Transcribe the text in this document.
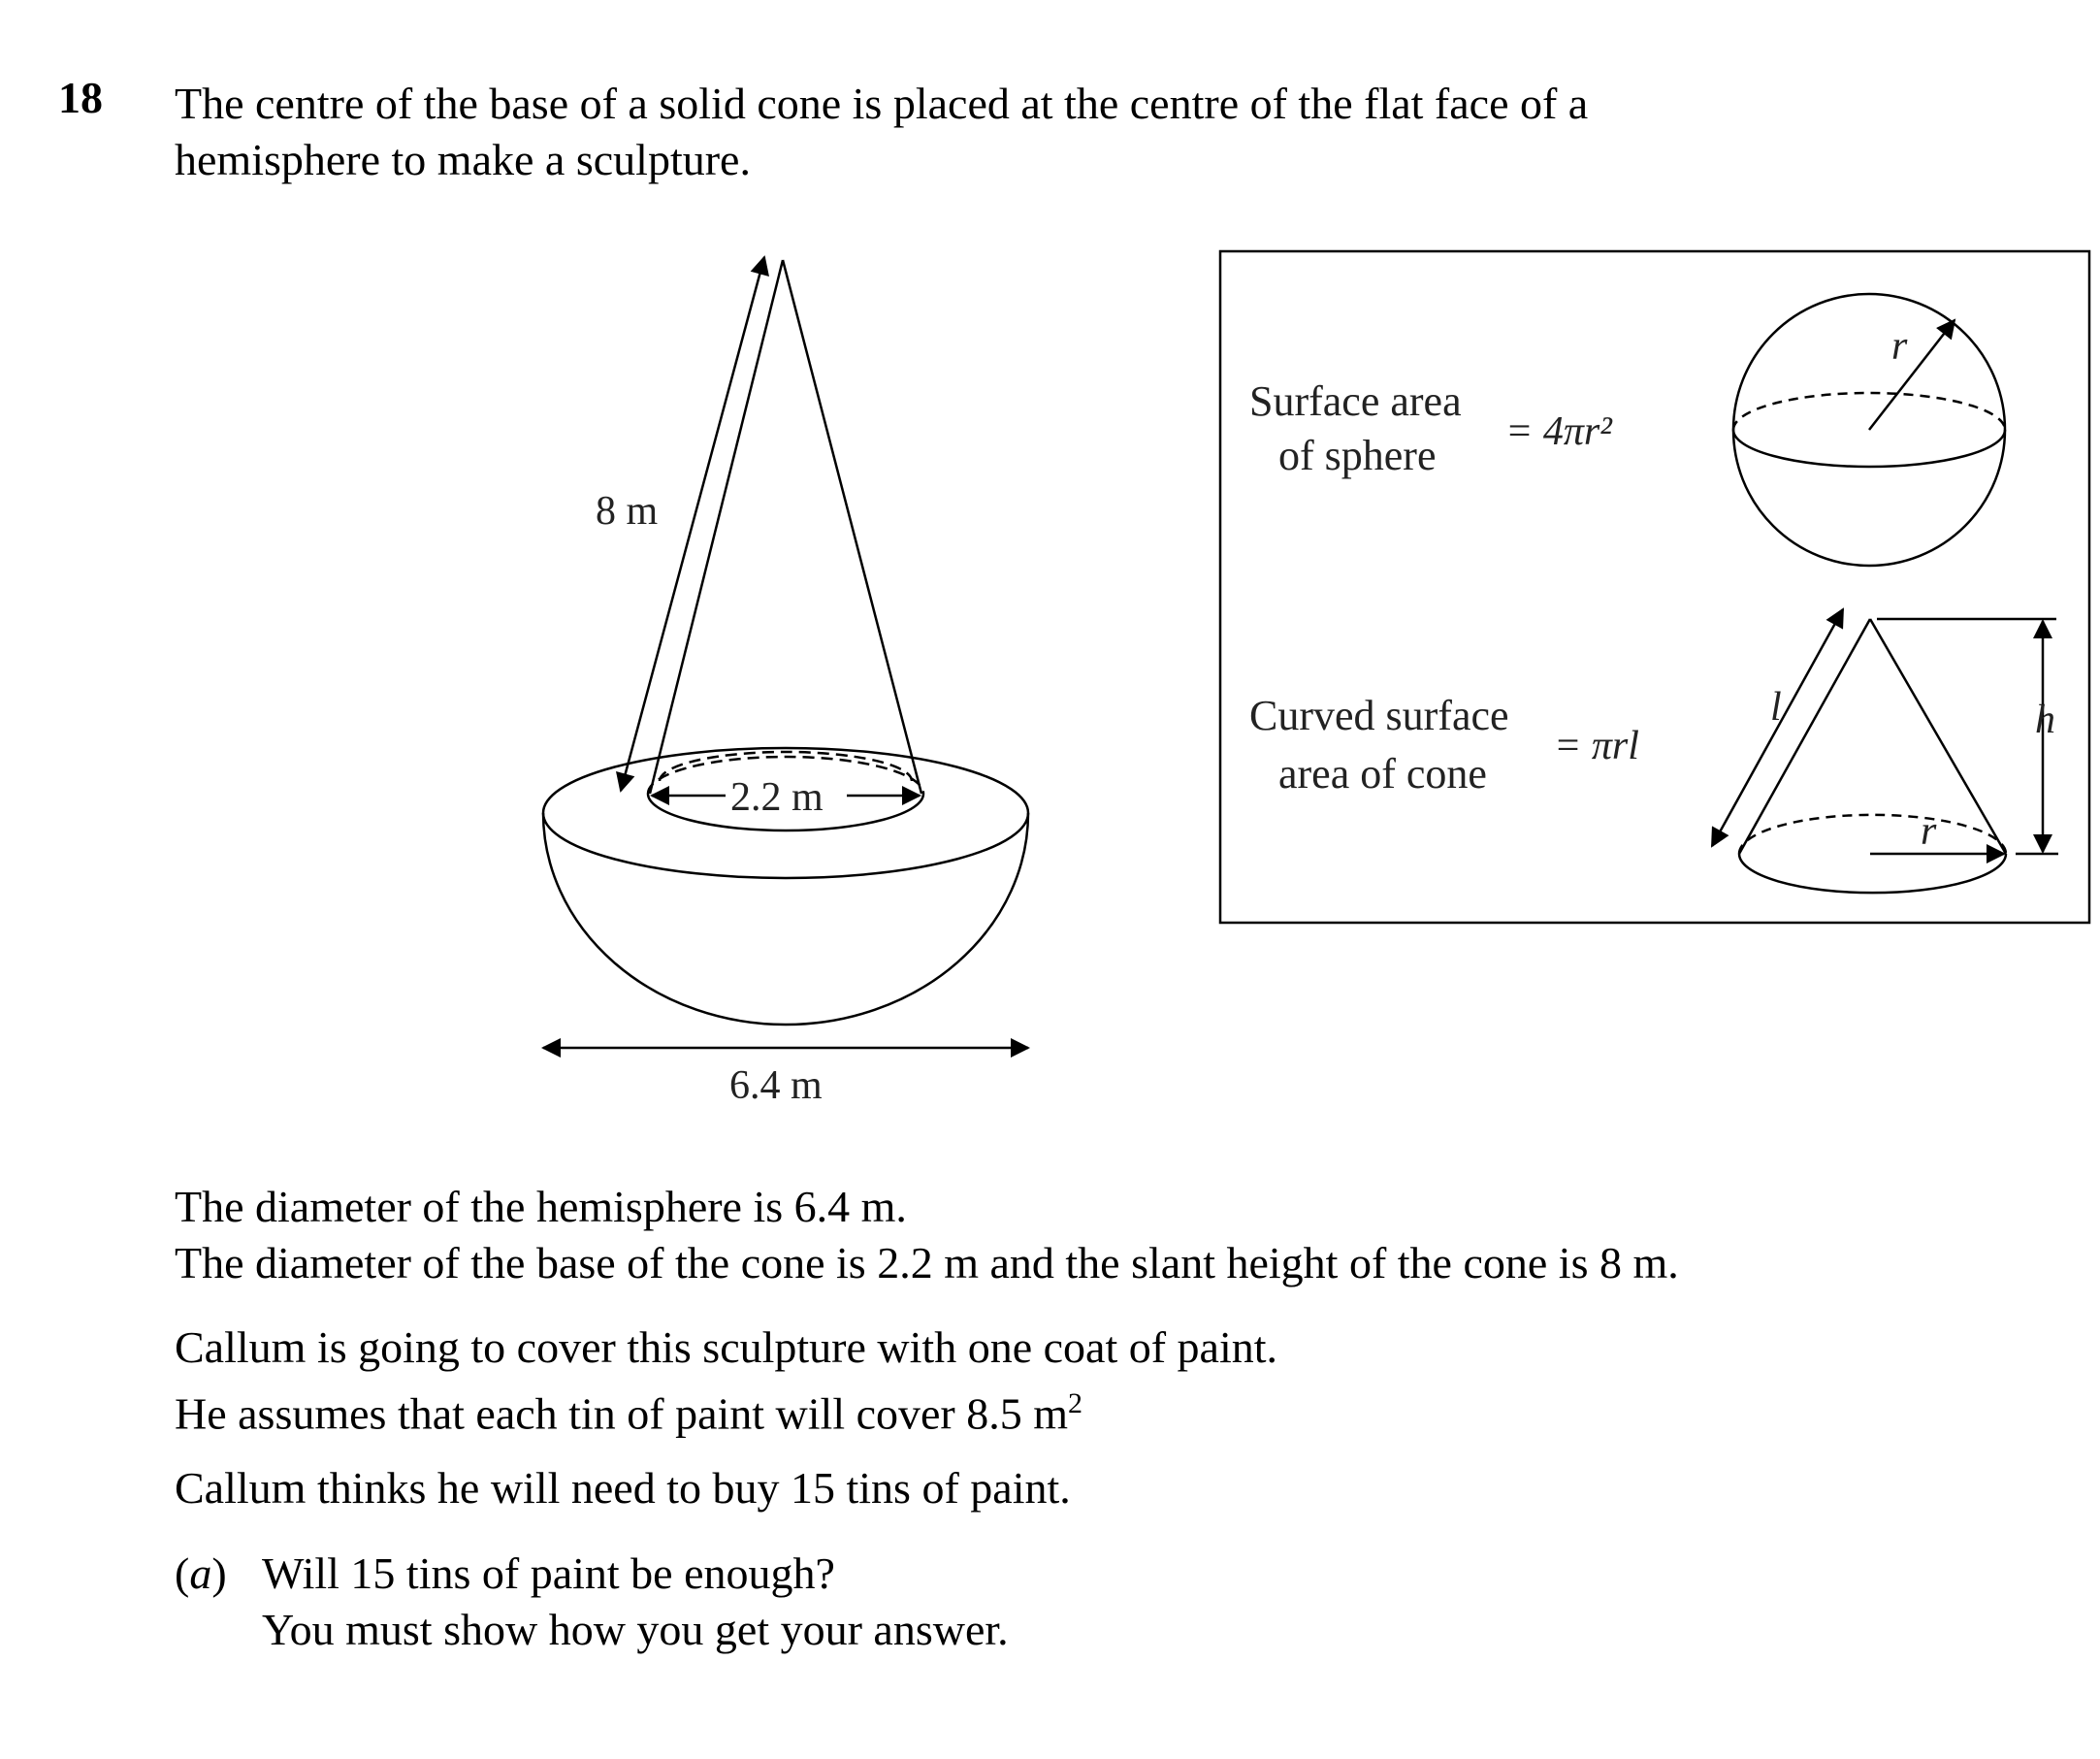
18 The centre of the base of a solid cone is placed at the centre of the flat face of a
hemisphere to make a sculpture.
8 m
2.2 m
6.4 m
Surface area
of sphere = 4πr²
r
Curved surface
area of cone
= πrl
l	h
r
The diameter of the hemisphere is 6.4 m.
The diameter of the base of the cone is 2.2 m and the slant height of the cone is 8 m.
Callum is going to cover this sculpture with one coat of paint.
He assumes that each tin of paint will cover 8.5 $m^2$
Callum thinks he will need to buy 15 tins of paint.
(a) Will 15 tins of paint be enough?
You must show how you get your answer.
